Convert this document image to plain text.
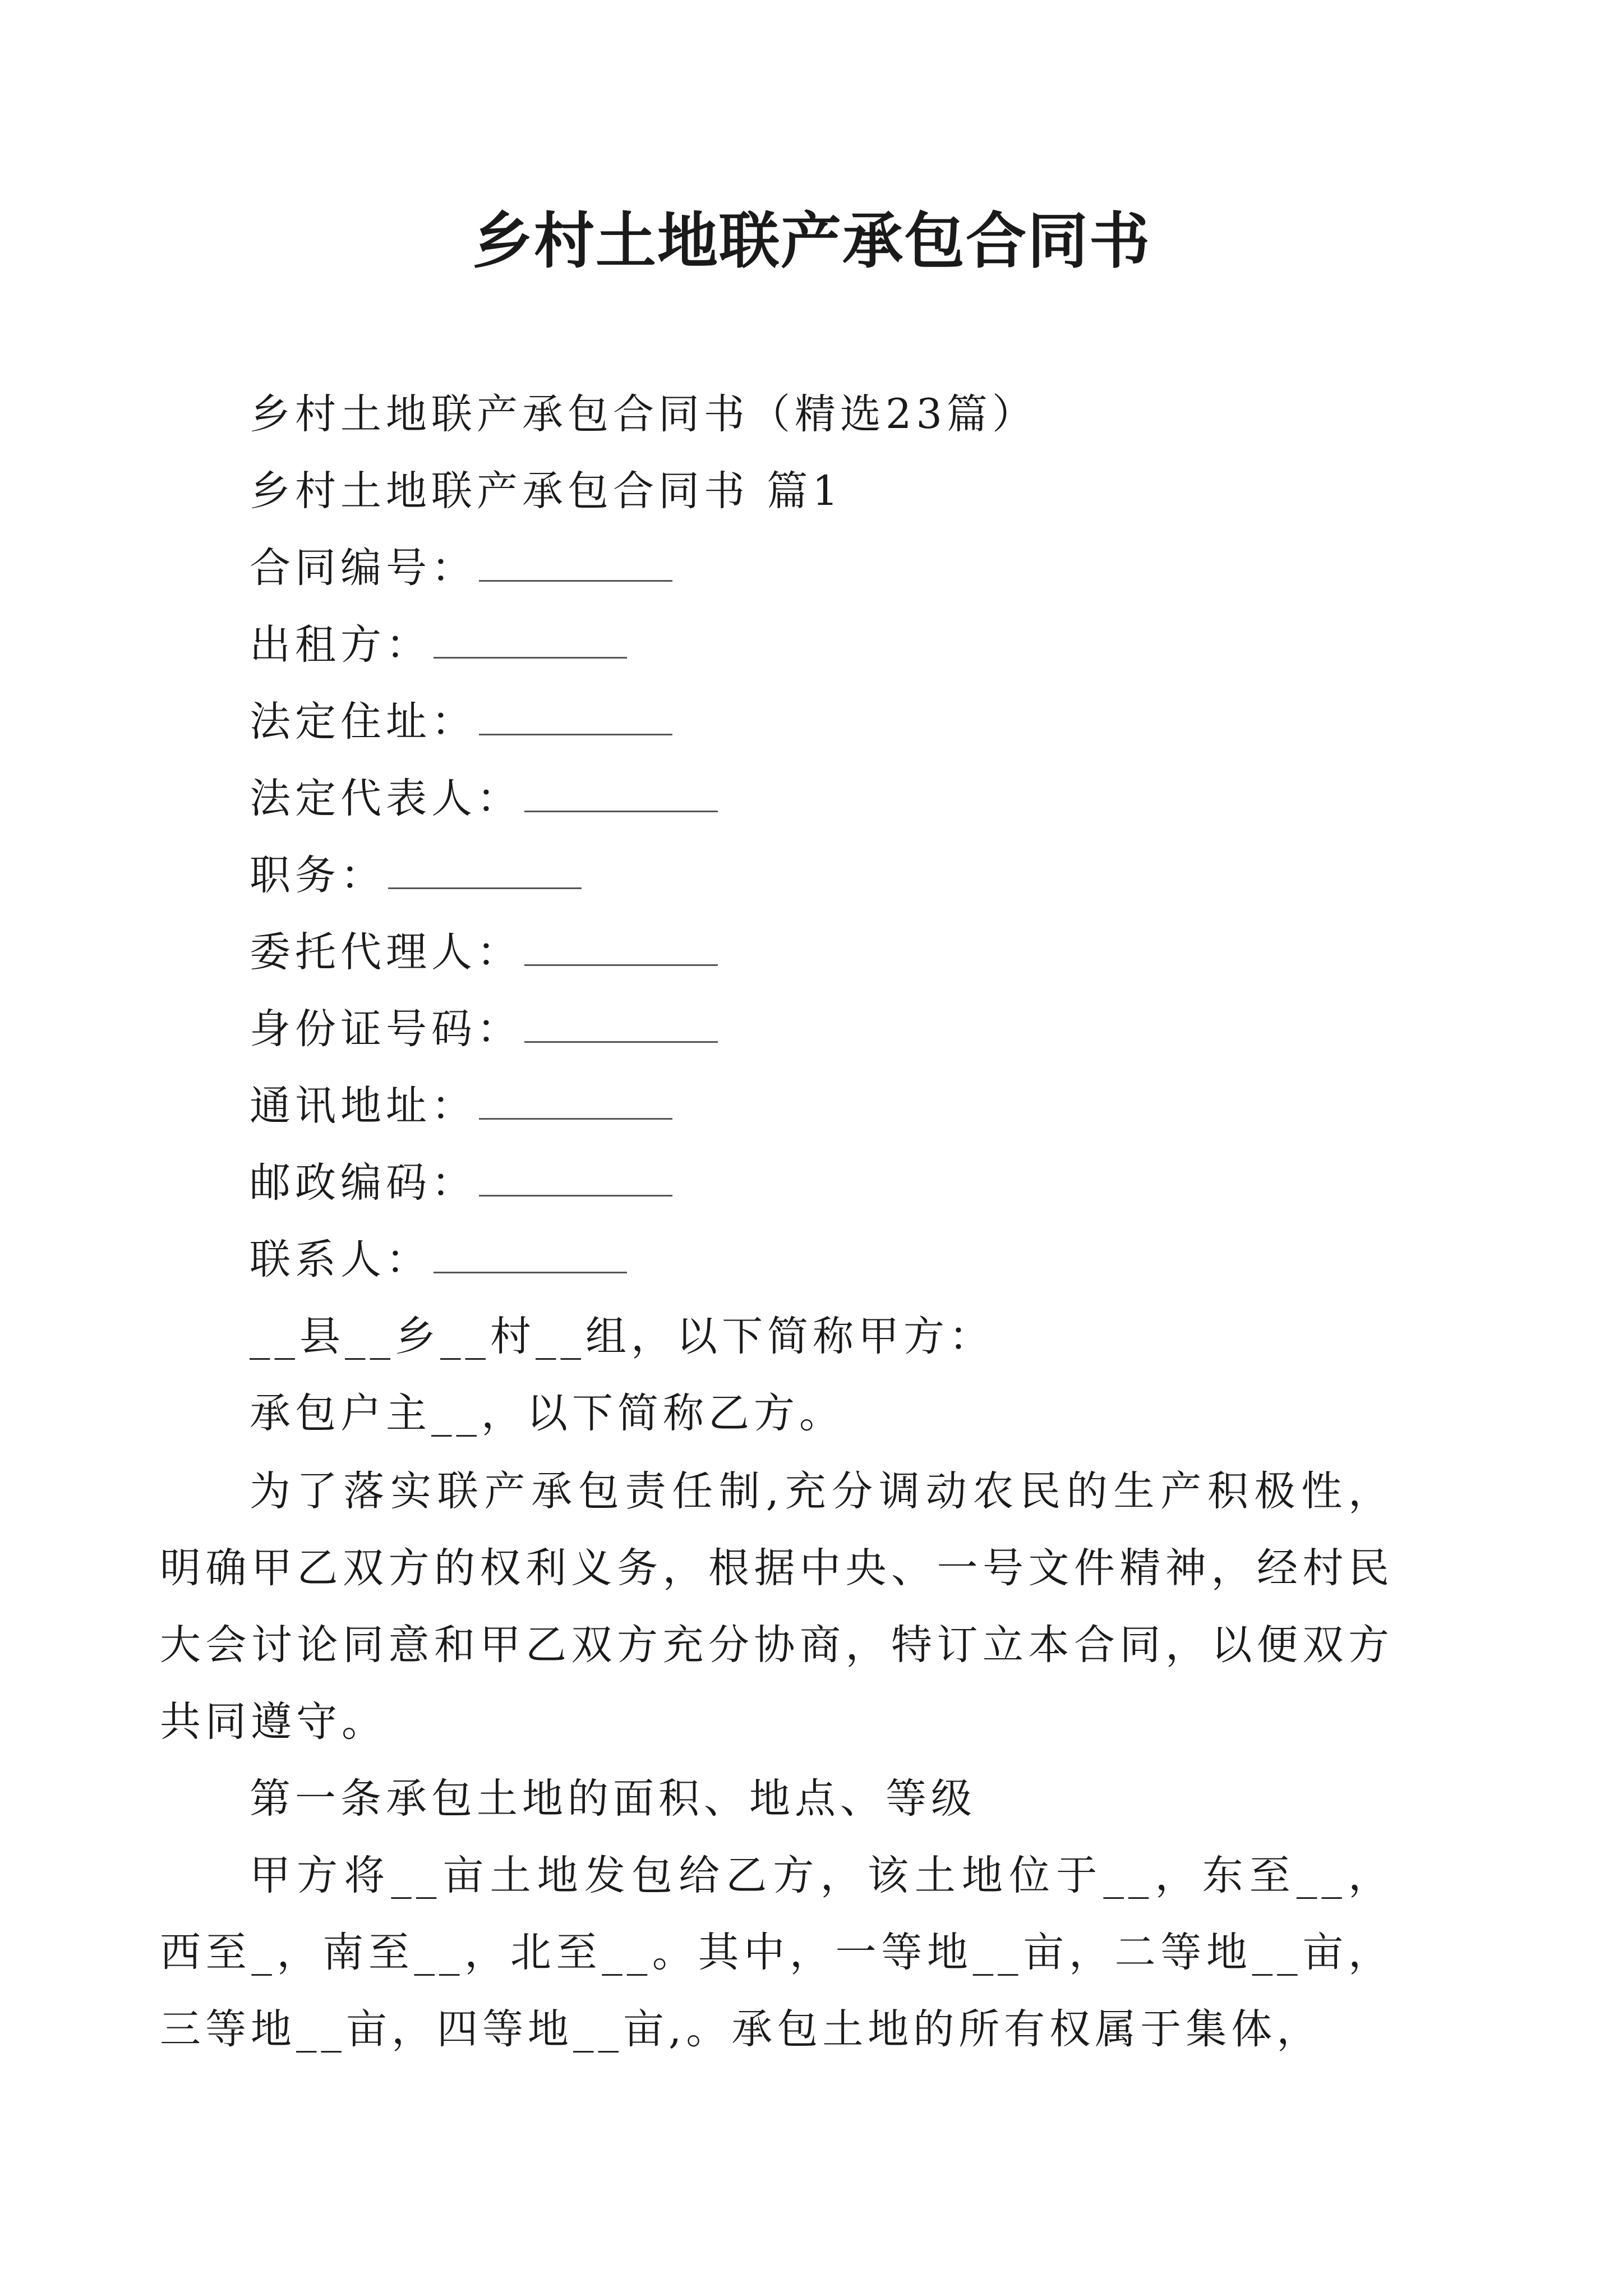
乡村土地联产承包合同书

乡村土地联产承包合同书（精选23篇）

乡村土地联产承包合同书 篇1

合同编号：

出租方：

法定住址：

法定代表人：

职务：

委托代理人：

身份证号码：

通讯地址：

邮政编码：

联系人：

__县__乡__村__组，以下简称甲方：

承包户主__，以下简称乙方。

为了落实联产承包责任制,充分调动农民的生产积极性，明确甲乙双方的权利义务，根据中央、一号文件精神，经村民大会讨论同意和甲乙双方充分协商，特订立本合同，以便双方共同遵守。

第一条承包土地的面积、地点、等级

甲方将__亩土地发包给乙方，该土地位于__，东至__，西至_，南至__，北至__。其中，一等地__亩，二等地__亩，三等地__亩，四等地__亩,。承包土地的所有权属于集体，
